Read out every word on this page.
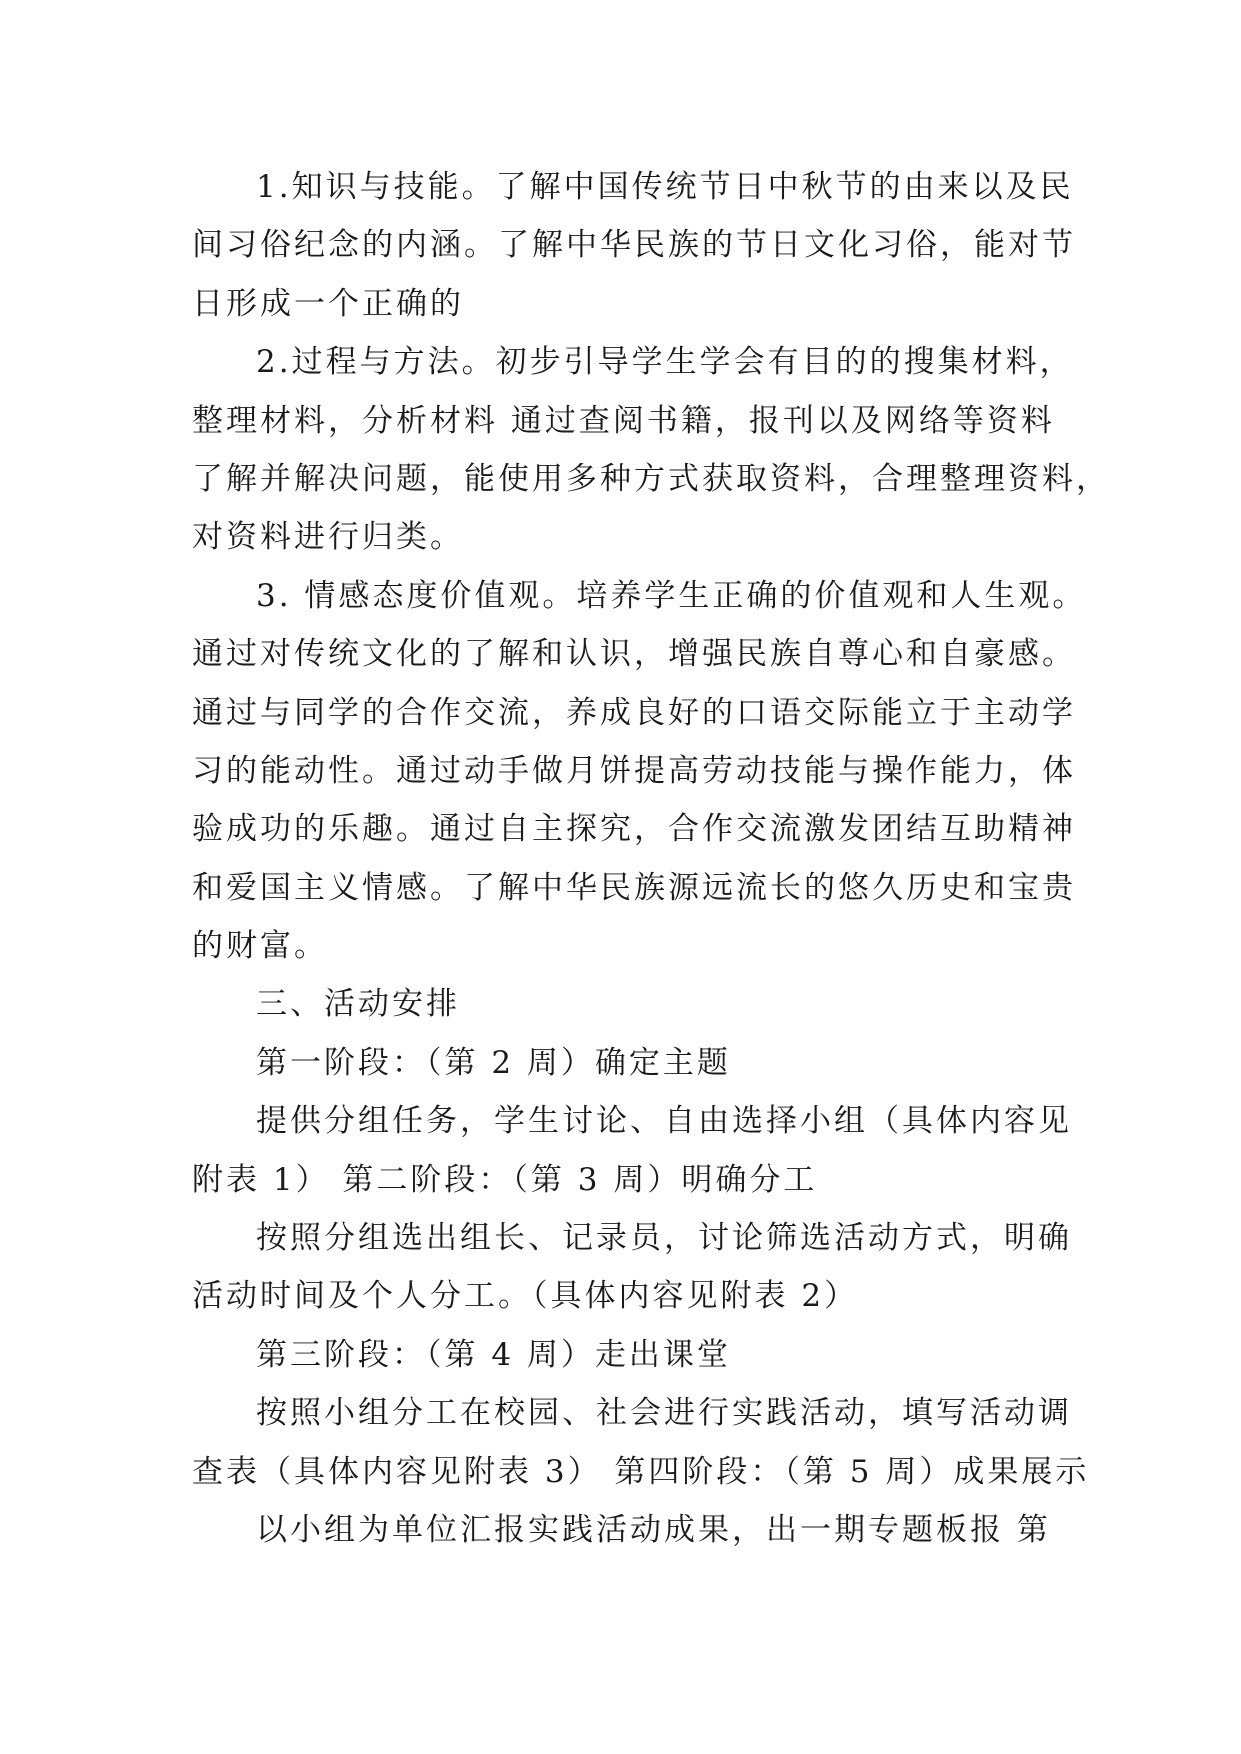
1.知识与技能。了解中国传统节日中秋节的由来以及民
间习俗纪念的内涵。了解中华民族的节日文化习俗，能对节
日形成一个正确的
2.过程与方法。初步引导学生学会有目的的搜集材料，
整理材料，分析材料 通过查阅书籍，报刊以及网络等资料
了解并解决问题，能使用多种方式获取资料，合理整理资料，
对资料进行归类。
3. 情感态度价值观。培养学生正确的价值观和人生观。
通过对传统文化的了解和认识，增强民族自尊心和自豪感。
通过与同学的合作交流，养成良好的口语交际能立于主动学
习的能动性。通过动手做月饼提高劳动技能与操作能力，体
验成功的乐趣。通过自主探究，合作交流激发团结互助精神
和爱国主义情感。了解中华民族源远流长的悠久历史和宝贵
的财富。
三、活动安排
第一阶段：（第 2 周）确定主题
提供分组任务，学生讨论、自由选择小组（具体内容见
附表 1） 第二阶段：（第 3 周）明确分工
按照分组选出组长、记录员，讨论筛选活动方式，明确
活动时间及个人分工。（具体内容见附表 2）
第三阶段：（第 4 周）走出课堂
按照小组分工在校园、社会进行实践活动，填写活动调
查表（具体内容见附表 3） 第四阶段：（第 5 周）成果展示
以小组为单位汇报实践活动成果，出一期专题板报 第
